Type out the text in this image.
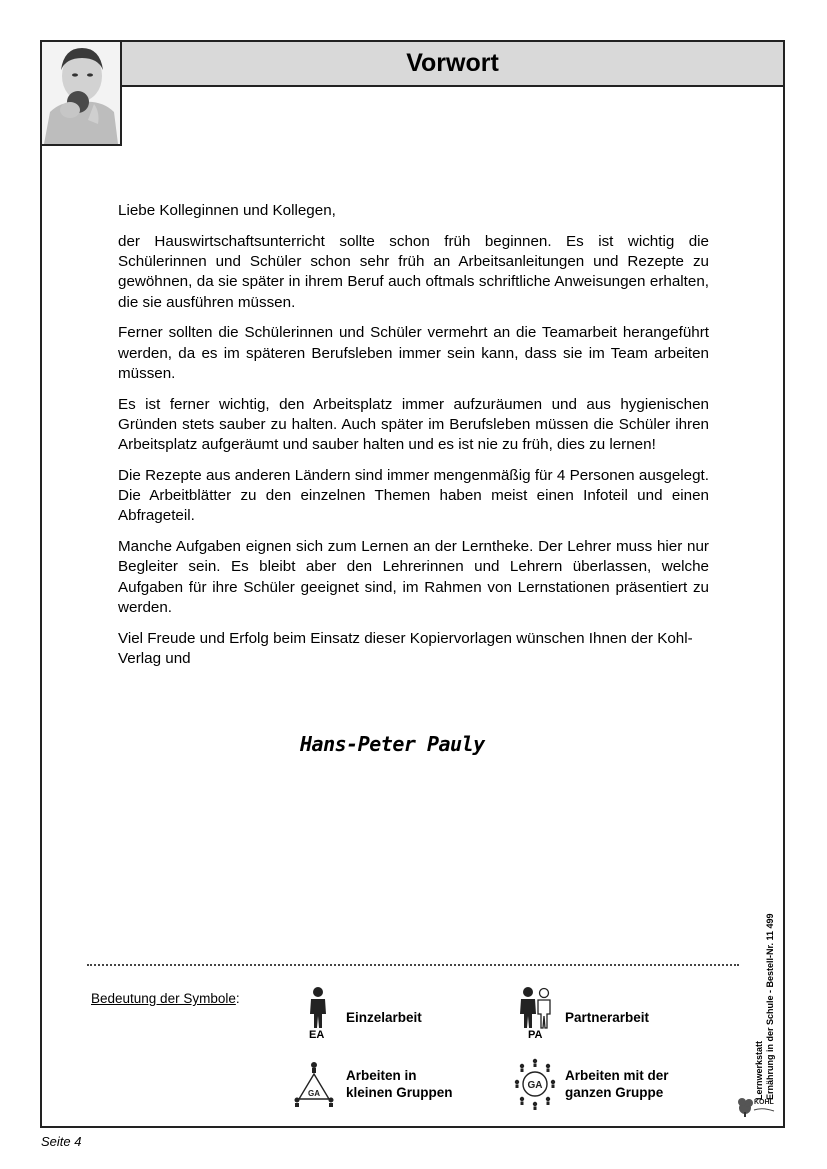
Vorwort

Liebe Kolleginnen und Kollegen,

der Hauswirtschaftsunterricht sollte schon früh beginnen. Es ist wichtig die Schülerinnen und Schüler schon sehr früh an Arbeitsanleitungen und Rezepte zu gewöhnen, da sie später in ihrem Beruf auch oftmals schriftliche Anweisungen erhalten, die sie ausführen müssen.

Ferner sollten die Schülerinnen und Schüler vermehrt an die Teamarbeit herangeführt werden, da es im späteren Berufsleben immer sein kann, dass sie im Team arbeiten müssen.

Es ist ferner wichtig, den Arbeitsplatz immer aufzuräumen und aus hygienischen Gründen stets sauber zu halten. Auch später im Berufsleben müssen die Schüler ihren Arbeitsplatz aufgeräumt und sauber halten und es ist nie zu früh, dies zu lernen!

Die Rezepte aus anderen Ländern sind immer mengenmäßig für 4 Personen ausgelegt. Die Arbeitblätter zu den einzelnen Themen haben meist einen Infoteil und einen Abfrageteil.

Manche Aufgaben eignen sich zum Lernen an der Lerntheke. Der Lehrer muss hier nur Begleiter sein. Es bleibt aber den Lehrerinnen und Lehrern überlassen, welche Aufgaben für ihre Schüler geeignet sind, im Rahmen von Lernstationen präsentiert zu werden.

Viel Freude und Erfolg beim Einsatz dieser Kopiervorlagen wünschen Ihnen der Kohl-Verlag und

Hans-Peter Pauly
Lernwerkstatt Ernährung in der Schule - Bestell-Nr. 11 499
Bedeutung der Symbole:
EA
Einzelarbeit
PA
Partnerarbeit
GA
Arbeiten in
kleinen Gruppen	GA
Arbeiten mit der
ganzen Gruppe
KOHL
Seite 4
